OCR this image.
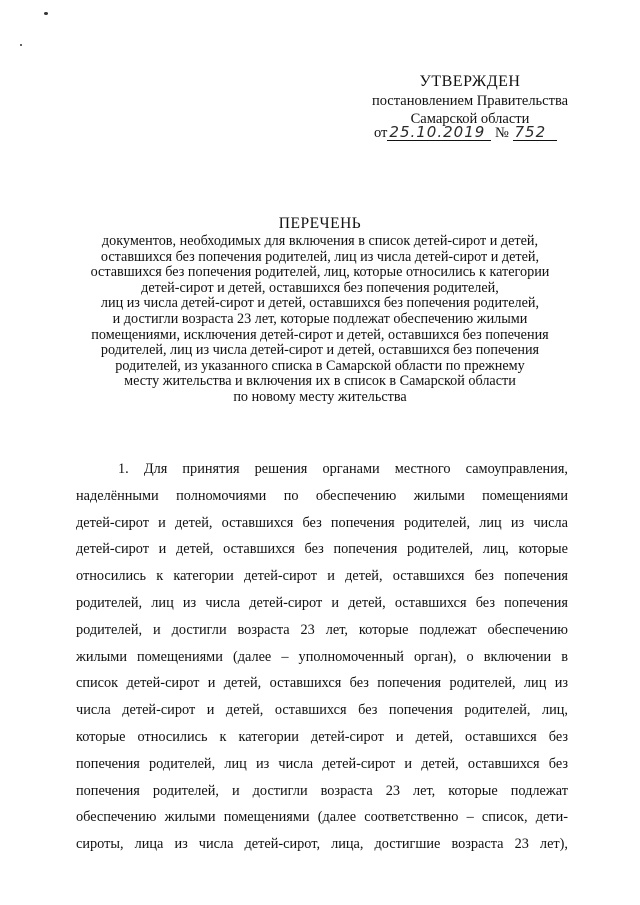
УТВЕРЖДЕН
постановлением Правительства
Самарской области
от 25.10.2019 № 752
ПЕРЕЧЕНЬ
документов, необходимых для включения в список детей-сирот и детей,
оставшихся без попечения родителей, лиц из числа детей-сирот и детей,
оставшихся без попечения родителей, лиц, которые относились к категории
детей-сирот и детей, оставшихся без попечения родителей,
лиц из числа детей-сирот и детей, оставшихся без попечения родителей,
и достигли возраста 23 лет, которые подлежат обеспечению жилыми
помещениями, исключения детей-сирот и детей, оставшихся без попечения
родителей, лиц из числа детей-сирот и детей, оставшихся без попечения
родителей, из указанного списка в Самарской области по прежнему
месту жительства и включения их в список в Самарской области
по новому месту жительства
1. Для принятия решения органами местного самоуправления,
наделёнными полномочиями по обеспечению жилыми помещениями
детей-сирот и детей, оставшихся без попечения родителей, лиц из числа
детей-сирот и детей, оставшихся без попечения родителей, лиц, которые
относились к категории детей-сирот и детей, оставшихся без попечения
родителей, лиц из числа детей-сирот и детей, оставшихся без попечения
родителей, и достигли возраста 23 лет, которые подлежат обеспечению
жилыми помещениями (далее – уполномоченный орган), о включении в
список детей-сирот и детей, оставшихся без попечения родителей, лиц из
числа детей-сирот и детей, оставшихся без попечения родителей, лиц,
которые относились к категории детей-сирот и детей, оставшихся без
попечения родителей, лиц из числа детей-сирот и детей, оставшихся без
попечения родителей, и достигли возраста 23 лет, которые подлежат
обеспечению жилыми помещениями (далее соответственно – список, дети-
сироты, лица из числа детей-сирот, лица, достигшие возраста 23 лет),
